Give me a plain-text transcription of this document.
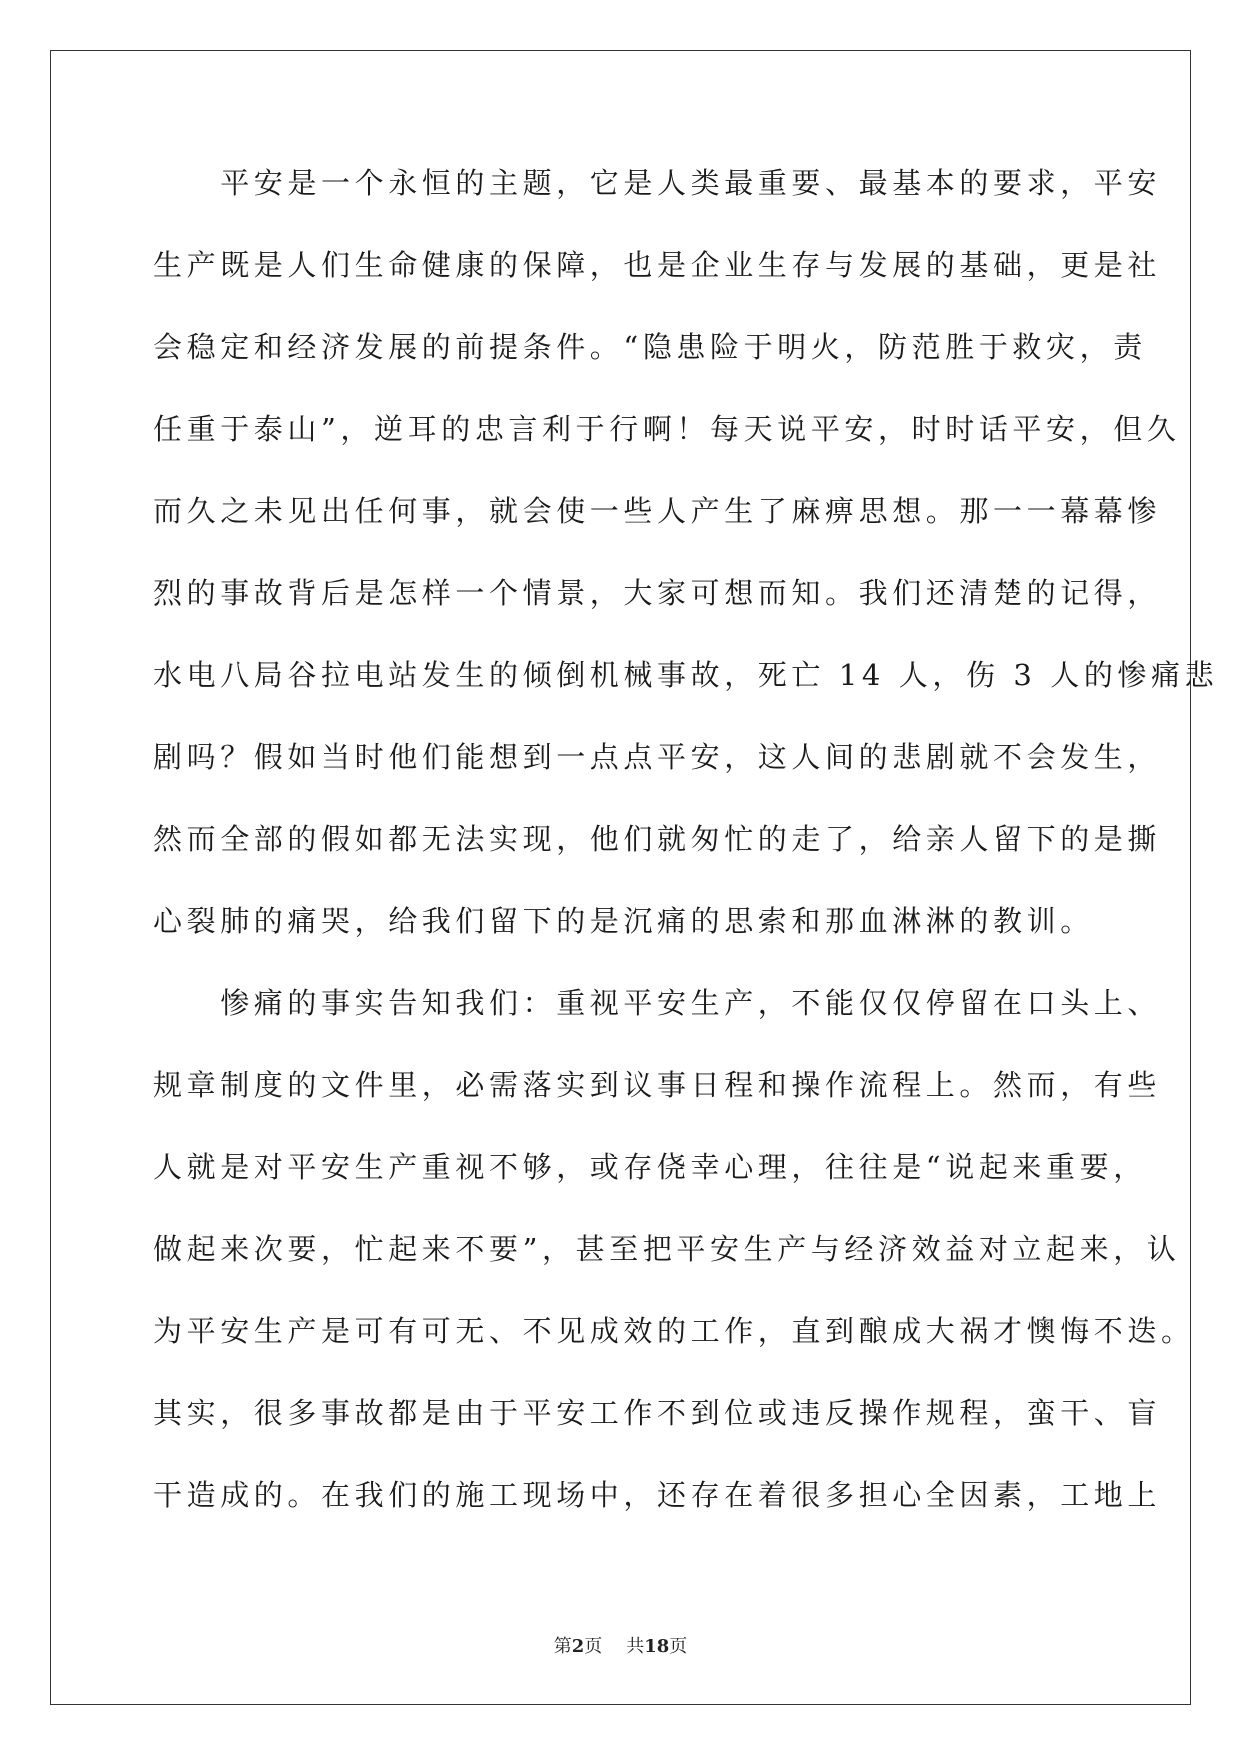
　　平安是一个永恒的主题，它是人类最重要、最基本的要求，平安
生产既是人们生命健康的保障，也是企业生存与发展的基础，更是社
会稳定和经济发展的前提条件。“隐患险于明火，防范胜于救灾，责
任重于泰山”，逆耳的忠言利于行啊！每天说平安，时时话平安，但久
而久之未见出任何事，就会使一些人产生了麻痹思想。那一一幕幕惨
烈的事故背后是怎样一个情景，大家可想而知。我们还清楚的记得，
水电八局谷拉电站发生的倾倒机械事故，死亡 14 人，伤 3 人的惨痛悲
剧吗？假如当时他们能想到一点点平安，这人间的悲剧就不会发生，
然而全部的假如都无法实现，他们就匆忙的走了，给亲人留下的是撕
心裂肺的痛哭，给我们留下的是沉痛的思索和那血淋淋的教训。
　　惨痛的事实告知我们：重视平安生产，不能仅仅停留在口头上、
规章制度的文件里，必需落实到议事日程和操作流程上。然而，有些
人就是对平安生产重视不够，或存侥幸心理，往往是“说起来重要，
做起来次要，忙起来不要”，甚至把平安生产与经济效益对立起来，认
为平安生产是可有可无、不见成效的工作，直到酿成大祸才懊悔不迭。
其实，很多事故都是由于平安工作不到位或违反操作规程，蛮干、盲
干造成的。在我们的施工现场中，还存在着很多担心全因素，工地上
第2页 共18页
